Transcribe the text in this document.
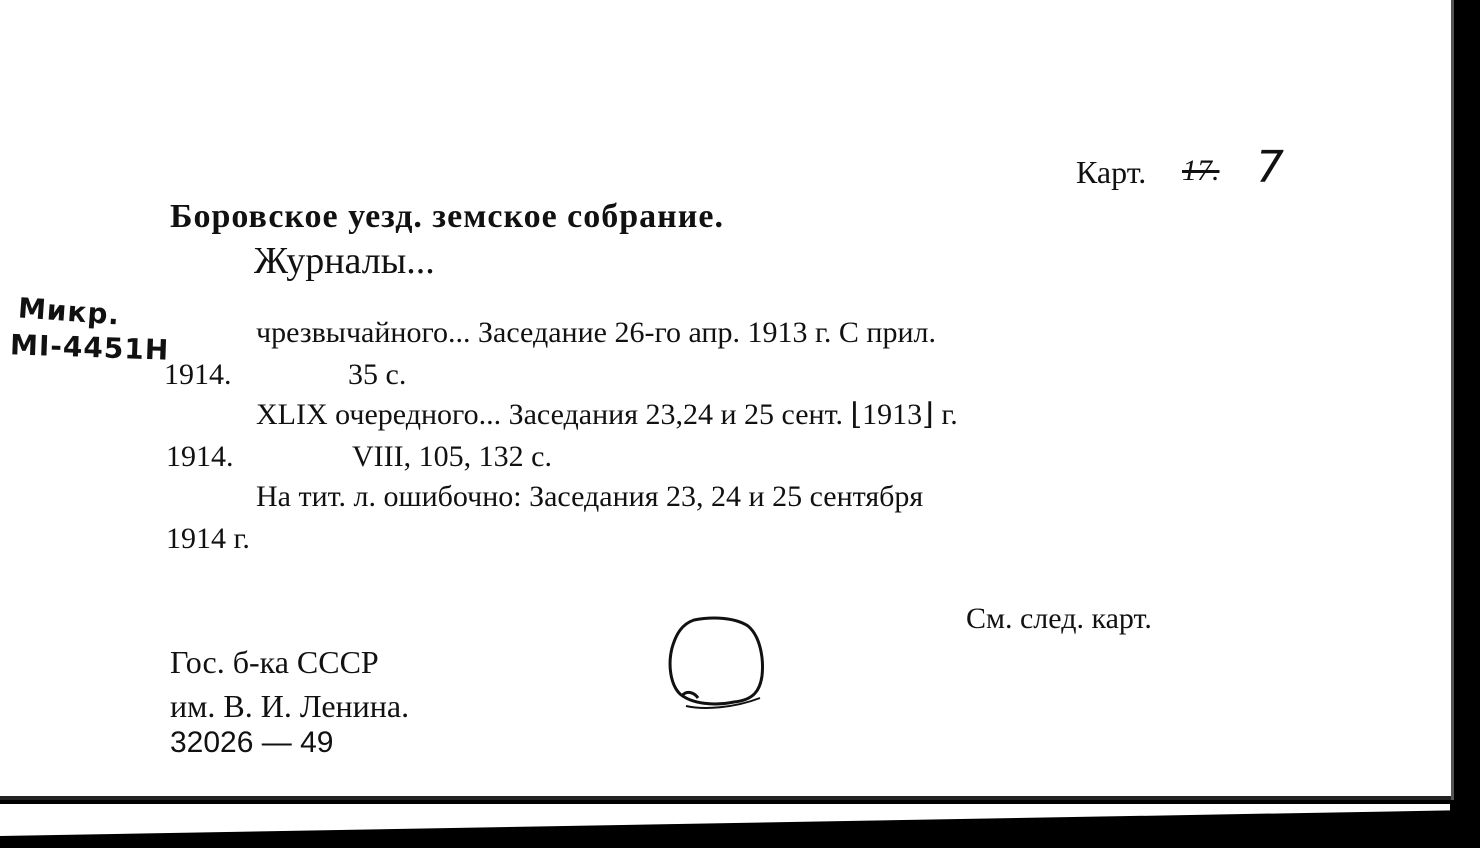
Карт. 17. 7
Микр.
MI-4451H
Боровское уезд. земское собрание.
Журналы...
чрезвычайного... Заседание 26-го апр. 1913 г. С прил.
1914.	35 с.
XLIX очередного... Заседания 23,24 и 25 сент. ⌊1913⌋ г.
1914.	VIII, 105, 132 с.
На тит. л. ошибочно: Заседания 23, 24 и 25 сентября
1914 г.
См. след. карт.
Гос. б-ка СССР
им. В. И. Ленина.
32026 — 49
